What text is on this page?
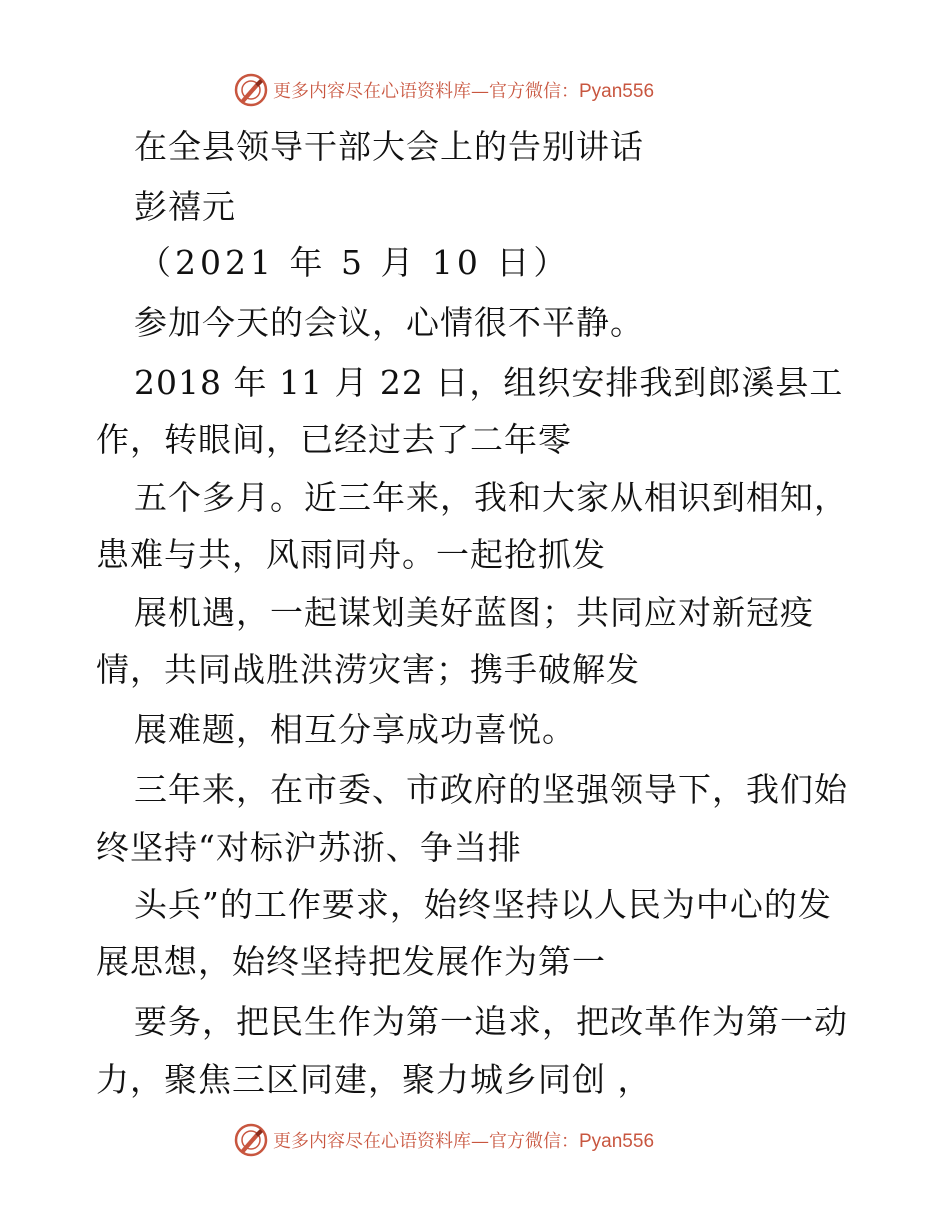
更多内容尽在心语资料库—官方微信：Pyan556
在全县领导干部大会上的告别讲话
彭禧元
（2021 年 5 月 10 日）
参加今天的会议，心情很不平静。
2018 年 11 月 22 日，组织安排我到郎溪县工
作，转眼间，已经过去了二年零
五个多月。近三年来，我和大家从相识到相知，
患难与共，风雨同舟。一起抢抓发
展机遇，一起谋划美好蓝图；共同应对新冠疫
情，共同战胜洪涝灾害；携手破解发
展难题，相互分享成功喜悦。
三年来，在市委、市政府的坚强领导下，我们始
终坚持“对标沪苏浙、争当排
头兵”的工作要求，始终坚持以人民为中心的发
展思想，始终坚持把发展作为第一
要务，把民生作为第一追求，把改革作为第一动
力，聚焦三区同建，聚力城乡同创 ，
更多内容尽在心语资料库—官方微信：Pyan556
